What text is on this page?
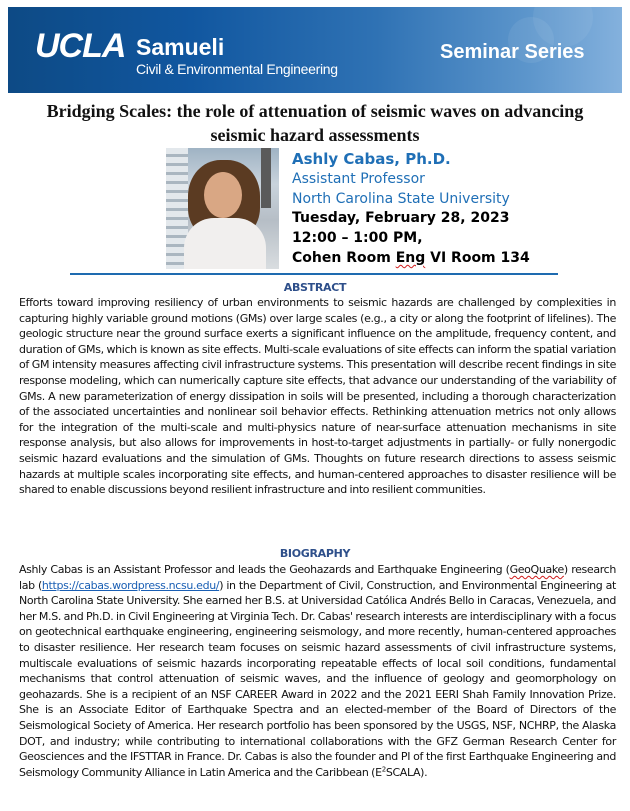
UCLA Samueli
Civil & Environmental Engineering
Seminar Series
Bridging Scales: the role of attenuation of seismic waves on advancing seismic hazard assessments
Ashly Cabas, Ph.D.
Assistant Professor
North Carolina State University
Tuesday, February 28, 2023
12:00 – 1:00 PM,
Cohen Room Eng VI Room 134
ABSTRACT
Efforts toward improving resiliency of urban environments to seismic hazards are challenged by complexities in capturing highly variable ground motions (GMs) over large scales (e.g., a city or along the footprint of lifelines). The geologic structure near the ground surface exerts a significant influence on the amplitude, frequency content, and duration of GMs, which is known as site effects. Multi-scale evaluations of site effects can inform the spatial variation of GM intensity measures affecting civil infrastructure systems. This presentation will describe recent findings in site response modeling, which can numerically capture site effects, that advance our understanding of the variability of GMs. A new parameterization of energy dissipation in soils will be presented, including a thorough characterization of the associated uncertainties and nonlinear soil behavior effects. Rethinking attenuation metrics not only allows for the integration of the multi-scale and multi-physics nature of near-surface attenuation mechanisms in site response analysis, but also allows for improvements in host-to-target adjustments in partially- or fully nonergodic seismic hazard evaluations and the simulation of GMs. Thoughts on future research directions to assess seismic hazards at multiple scales incorporating site effects, and human-centered approaches to disaster resilience will be shared to enable discussions beyond resilient infrastructure and into resilient communities.
BIOGRAPHY
Ashly Cabas is an Assistant Professor and leads the Geohazards and Earthquake Engineering (GeoQuake) research lab (https://cabas.wordpress.ncsu.edu/) in the Department of Civil, Construction, and Environmental Engineering at North Carolina State University. She earned her B.S. at Universidad Católica Andrés Bello in Caracas, Venezuela, and her M.S. and Ph.D. in Civil Engineering at Virginia Tech. Dr. Cabas' research interests are interdisciplinary with a focus on geotechnical earthquake engineering, engineering seismology, and more recently, human-centered approaches to disaster resilience. Her research team focuses on seismic hazard assessments of civil infrastructure systems, multiscale evaluations of seismic hazards incorporating repeatable effects of local soil conditions, fundamental mechanisms that control attenuation of seismic waves, and the influence of geology and geomorphology on geohazards. She is a recipient of an NSF CAREER Award in 2022 and the 2021 EERI Shah Family Innovation Prize. She is an Associate Editor of Earthquake Spectra and an elected-member of the Board of Directors of the Seismological Society of America. Her research portfolio has been sponsored by the USGS, NSF, NCHRP, the Alaska DOT, and industry; while contributing to international collaborations with the GFZ German Research Center for Geosciences and the IFSTTAR in France. Dr. Cabas is also the founder and PI of the first Earthquake Engineering and Seismology Community Alliance in Latin America and the Caribbean $(E^2SCALA)$.
